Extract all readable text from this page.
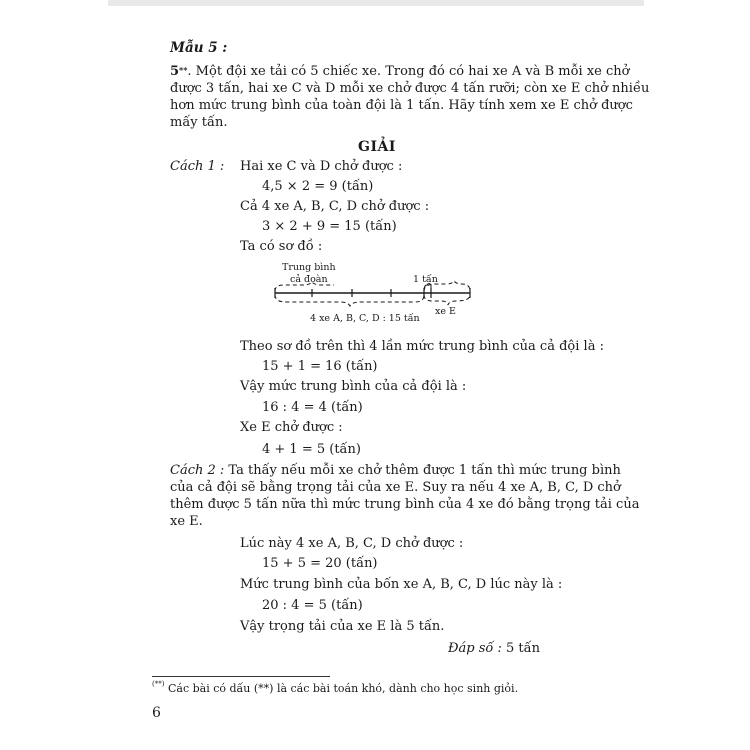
Mẫu 5 :
5**. Một đội xe tải có 5 chiếc xe. Trong đó có hai xe A và B mỗi xe chở
được 3 tấn, hai xe C và D mỗi xe chở được 4 tấn rưỡi; còn xe E chở nhiều
hơn mức trung bình của toàn đội là 1 tấn. Hãy tính xem xe E chở được
mấy tấn.
GIẢI
Cách 1 : Hai xe C và D chở được :
4,5 × 2 = 9 (tấn)
Cả 4 xe A, B, C, D chở được :
3 × 2 + 9 = 15 (tấn)
Ta có sơ đồ :
Trung bình
cả đoàn	1 tấn
4 xe A, B, C, D : 15 tấn
xe E
Theo sơ đồ trên thì 4 lần mức trung bình của cả đội là :
15 + 1 = 16 (tấn)
Vậy mức trung bình của cả đội là :
16 : 4 = 4 (tấn)
Xe E chở được :
4 + 1 = 5 (tấn)
Cách 2 : Ta thấy nếu mỗi xe chở thêm được 1 tấn thì mức trung bình
của cả đội sẽ bằng trọng tải của xe E. Suy ra nếu 4 xe A, B, C, D chở
thêm được 5 tấn nữa thì mức trung bình của 4 xe đó bằng trọng tải của
xe E.
Lúc này 4 xe A, B, C, D chở được :
15 + 5 = 20 (tấn)
Mức trung bình của bốn xe A, B, C, D lúc này là :
20 : 4 = 5 (tấn)
Vậy trọng tải của xe E là 5 tấn.
Đáp số : 5 tấn
(**) Các bài có dấu (**) là các bài toán khó, dành cho học sinh giỏi.
6
